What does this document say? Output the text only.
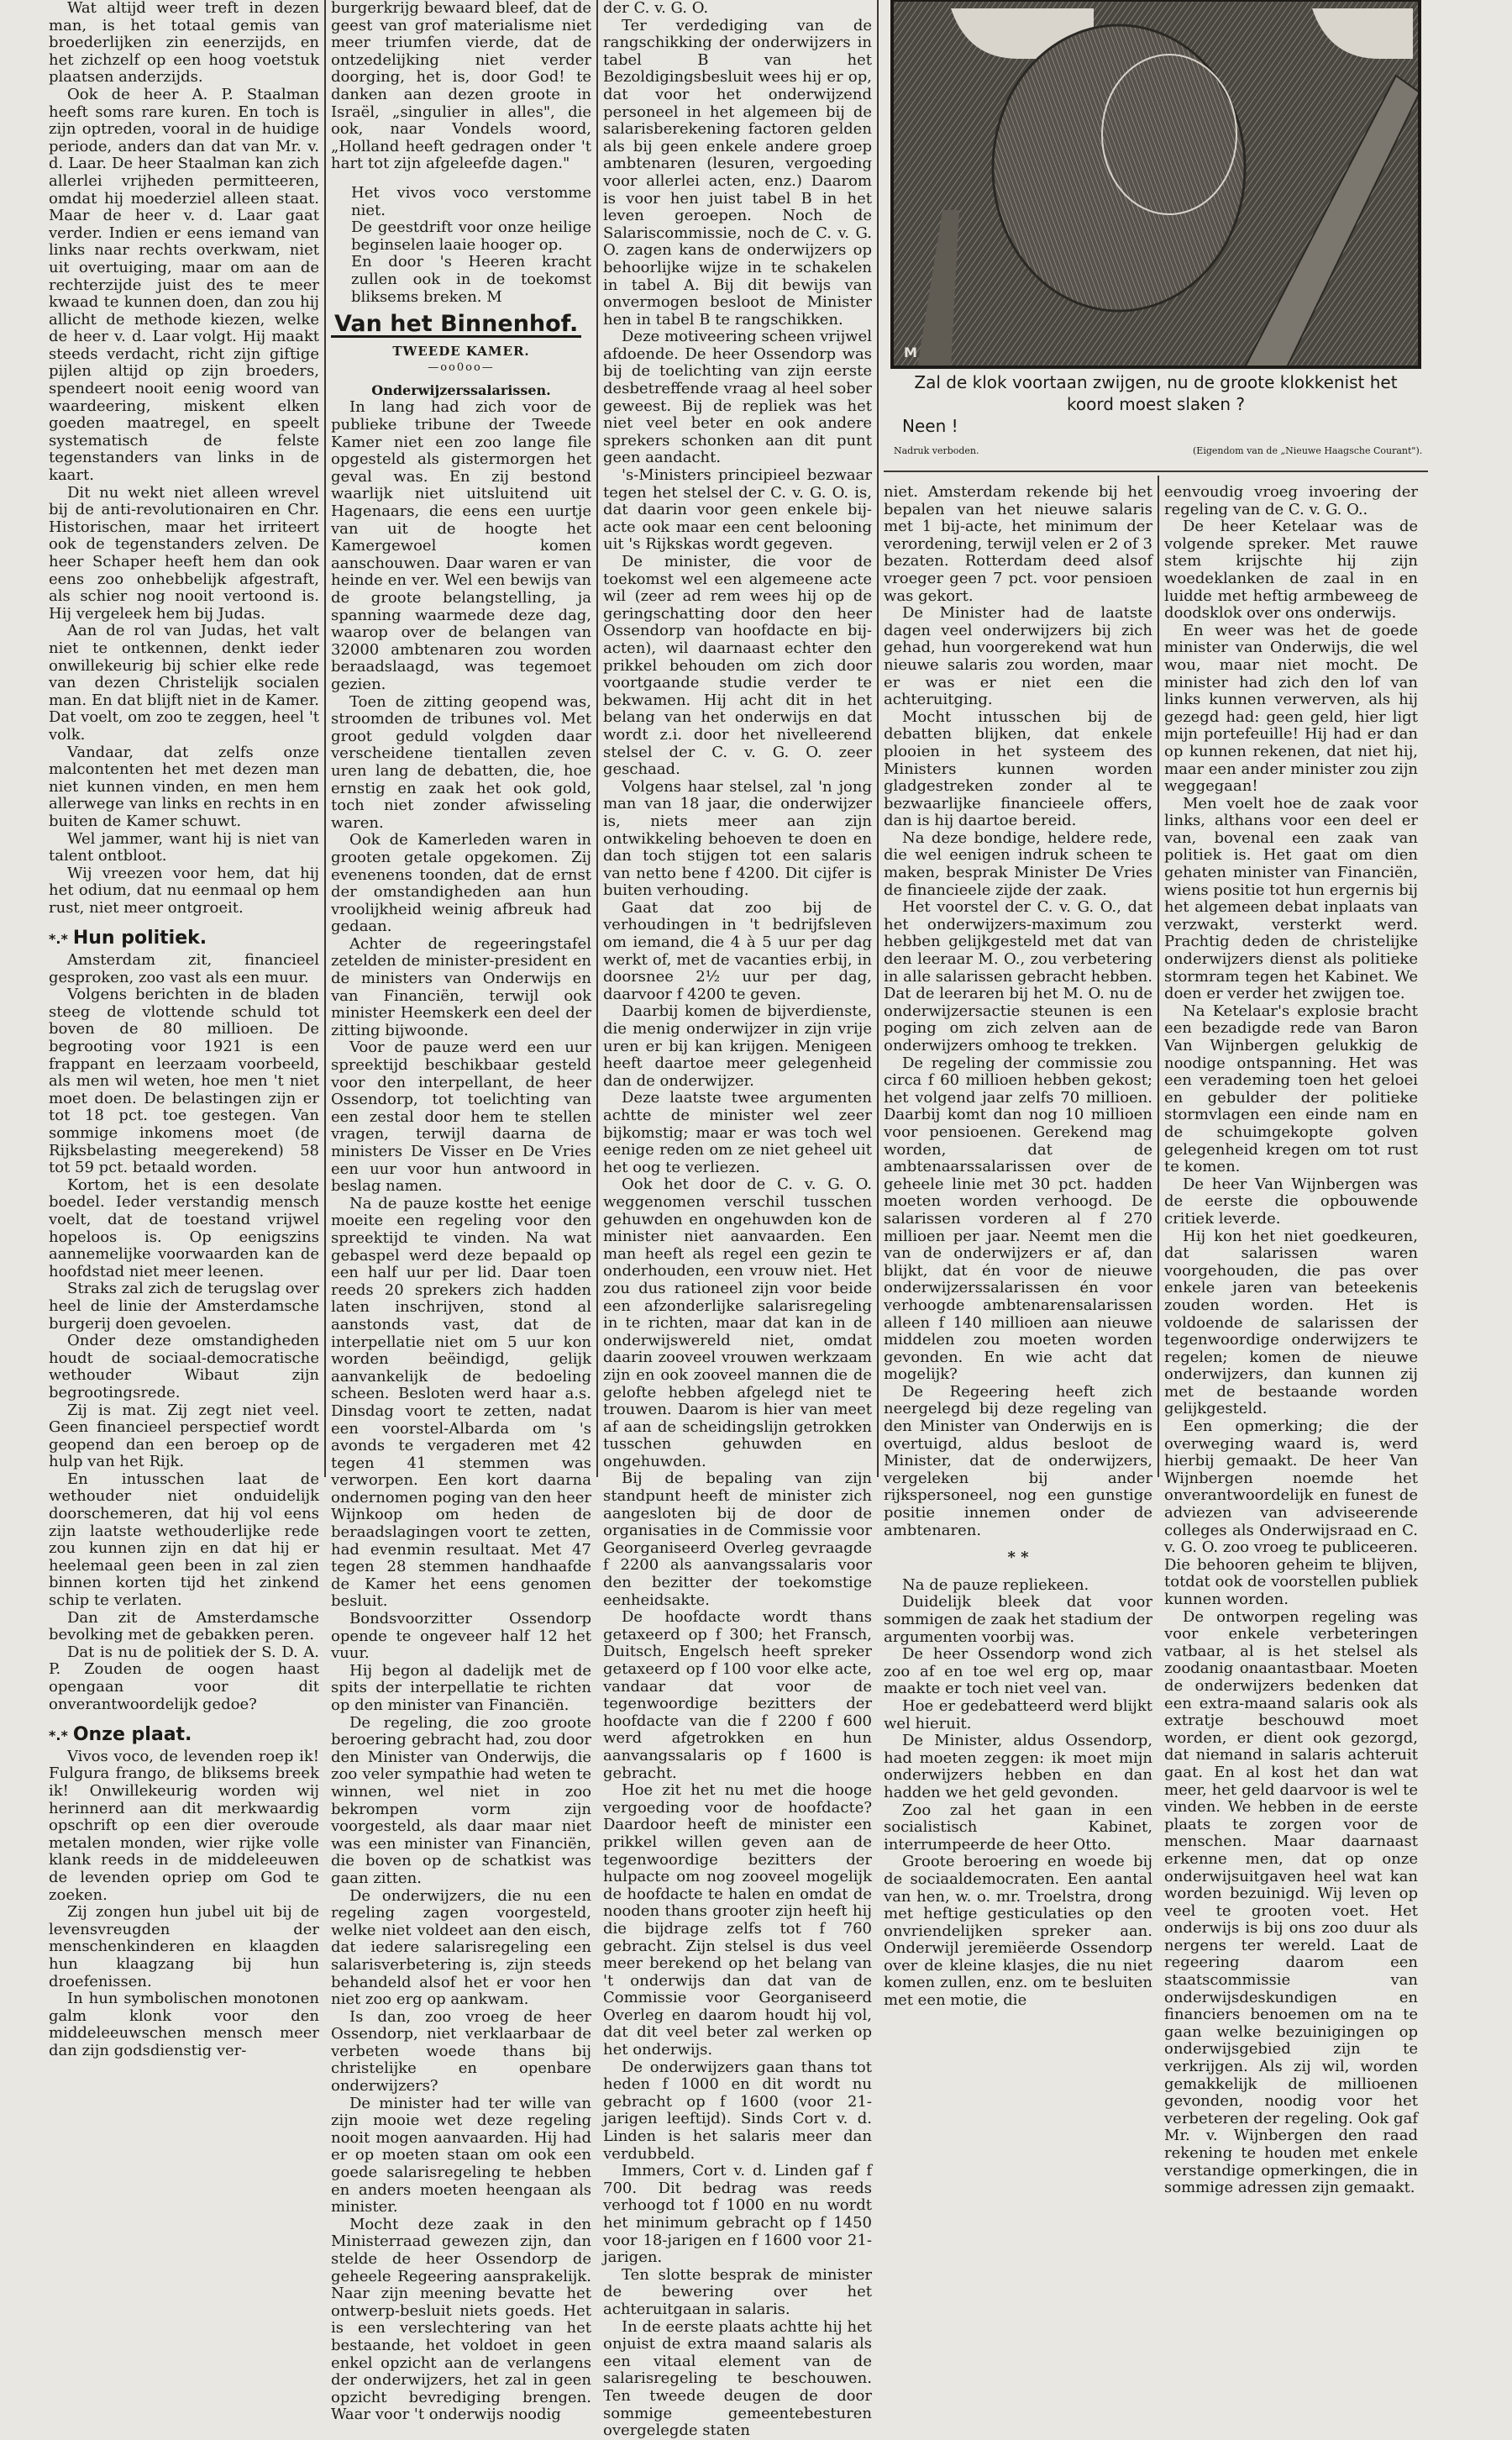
Wat altijd weer treft in dezen man, is het totaal gemis van broederlijken zin eenerzijds, en het zichzelf op een hoog voetstuk plaatsen anderzijds.

Ook de heer A. P. Staalman heeft soms rare kuren. En toch is zijn optreden, vooral in de huidige periode, anders dan dat van Mr. v. d. Laar. De heer Staalman kan zich allerlei vrijheden permitteeren, omdat hij moederziel alleen staat. Maar de heer v. d. Laar gaat verder. Indien er eens iemand van links naar rechts overkwam, niet uit overtuiging, maar om aan de rechterzijde juist des te meer kwaad te kunnen doen, dan zou hij allicht de methode kiezen, welke de heer v. d. Laar volgt. Hij maakt steeds verdacht, richt zijn giftige pijlen altijd op zijn broeders, spendeert nooit eenig woord van waardeering, miskent elken goeden maatregel, en speelt systematisch de felste tegenstanders van links in de kaart.

Dit nu wekt niet alleen wrevel bij de anti-revolutionairen en Chr. Historischen, maar het irriteert ook de tegenstanders zelven. De heer Schaper heeft hem dan ook eens zoo onhebbelijk afgestraft, als schier nog nooit vertoond is. Hij vergeleek hem bij Judas.

Aan de rol van Judas, het valt niet te ontkennen, denkt ieder onwillekeurig bij schier elke rede van dezen Christelijk socialen man. En dat blijft niet in de Kamer. Dat voelt, om zoo te zeggen, heel 't volk.

Vandaar, dat zelfs onze malcontenten het met dezen man niet kunnen vinden, en men hem allerwege van links en rechts in en buiten de Kamer schuwt.

Wel jammer, want hij is niet van talent ontbloot.

Wij vreezen voor hem, dat hij het odium, dat nu eenmaal op hem rust, niet meer ontgroeit.

*.* Hun politiek.

Amsterdam zit, financieel gesproken, zoo vast als een muur.

Volgens berichten in de bladen steeg de vlottende schuld tot boven de 80 millioen. De begrooting voor 1921 is een frappant en leerzaam voorbeeld, als men wil weten, hoe men 't niet moet doen. De belastingen zijn er tot 18 pct. toe gestegen. Van sommige inkomens moet (de Rijksbelasting meegerekend) 58 tot 59 pct. betaald worden.

Kortom, het is een desolate boedel. Ieder verstandig mensch voelt, dat de toestand vrijwel hopeloos is. Op eenigszins aannemelijke voorwaarden kan de hoofdstad niet meer leenen.

Straks zal zich de terugslag over heel de linie der Amsterdamsche burgerij doen gevoelen.

Onder deze omstandigheden houdt de sociaal-democratische wethouder Wibaut zijn begrootingsrede.

Zij is mat. Zij zegt niet veel. Geen financieel perspectief wordt geopend dan een beroep op de hulp van het Rijk.

En intusschen laat de wethouder niet onduidelijk doorschemeren, dat hij vol eens zijn laatste wethouderlijke rede zou kunnen zijn en dat hij er heelemaal geen been in zal zien binnen korten tijd het zinkend schip te verlaten.

Dan zit de Amsterdamsche bevolking met de gebakken peren.

Dat is nu de politiek der S. D. A. P. Zouden de oogen haast opengaan voor dit onverantwoordelijk gedoe?

*.* Onze plaat.

Vivos voco, de levenden roep ik! Fulgura frango, de bliksems breek ik! Onwillekeurig worden wij herinnerd aan dit merkwaardig opschrift op een dier overoude metalen monden, wier rijke volle klank reeds in de middeleeuwen de levenden opriep om God te zoeken.

Zij zongen hun jubel uit bij de levensvreugden der menschenkinderen en klaagden hun klaagzang bij hun droefenissen.

In hun symbolischen monotonen galm klonk voor den middeleeuwschen mensch meer dan zijn godsdienstig ver-

burgerkrijg bewaard bleef, dat de geest van grof materialisme niet meer triumfen vierde, dat de ontzedelijking niet verder doorging, het is, door God! te danken aan dezen groote in Israël, „singulier in alles", die ook, naar Vondels woord, „Holland heeft gedragen onder 't hart tot zijn afgeleefde dagen."

Het vivos voco verstomme niet.
De geestdrift voor onze heilige beginselen laaie hooger op.
En door 's Heeren kracht zullen ook in de toekomst bliksems breken. M
Van het Binnenhof.
TWEEDE KAMER.
—oo0oo—
Onderwijzerssalarissen.

In lang had zich voor de publieke tribune der Tweede Kamer niet een zoo lange file opgesteld als gistermorgen het geval was. En zij bestond waarlijk niet uitsluitend uit Hagenaars, die eens een uurtje van uit de hoogte het Kamergewoel komen aanschouwen. Daar waren er van heinde en ver. Wel een bewijs van de groote belangstelling, ja spanning waarmede deze dag, waarop over de belangen van 32000 ambtenaren zou worden beraadslaagd, was tegemoet gezien.

Toen de zitting geopend was, stroomden de tribunes vol. Met groot geduld volgden daar verscheidene tientallen zeven uren lang de debatten, die, hoe ernstig en zaak het ook gold, toch niet zonder afwisseling waren.

Ook de Kamerleden waren in grooten getale opgekomen. Zij evenenens toonden, dat de ernst der omstandigheden aan hun vroolijkheid weinig afbreuk had gedaan.

Achter de regeeringstafel zetelden de minister-president en de ministers van Onderwijs en van Financiën, terwijl ook minister Heemskerk een deel der zitting bijwoonde.

Voor de pauze werd een uur spreektijd beschikbaar gesteld voor den interpellant, de heer Ossendorp, tot toelichting van een zestal door hem te stellen vragen, terwijl daarna de ministers De Visser en De Vries een uur voor hun antwoord in beslag namen.

Na de pauze kostte het eenige moeite een regeling voor den spreektijd te vinden. Na wat gebaspel werd deze bepaald op een half uur per lid. Daar toen reeds 20 sprekers zich hadden laten inschrijven, stond al aanstonds vast, dat de interpellatie niet om 5 uur kon worden beëindigd, gelijk aanvankelijk de bedoeling scheen. Besloten werd haar a.s. Dinsdag voort te zetten, nadat een voorstel-Albarda om 's avonds te vergaderen met 42 tegen 41 stemmen was verworpen. Een kort daarna ondernomen poging van den heer Wijnkoop om heden de beraadslagingen voort te zetten, had evenmin resultaat. Met 47 tegen 28 stemmen handhaafde de Kamer het eens genomen besluit.

Bondsvoorzitter Ossendorp opende te ongeveer half 12 het vuur.

Hij begon al dadelijk met de spits der interpellatie te richten op den minister van Financiën.

De regeling, die zoo groote beroering gebracht had, zou door den Minister van Onderwijs, die zoo veler sympathie had weten te winnen, wel niet in zoo bekrompen vorm zijn voorgesteld, als daar maar niet was een minister van Financiën, die boven op de schatkist was gaan zitten.

De onderwijzers, die nu een regeling zagen voorgesteld, welke niet voldeet aan den eisch, dat iedere salarisregeling een salarisverbetering is, zijn steeds behandeld alsof het er voor hen niet zoo erg op aankwam.

Is dan, zoo vroeg de heer Ossendorp, niet verklaarbaar de verbeten woede thans bij christelijke en openbare onderwijzers?

De minister had ter wille van zijn mooie wet deze regeling nooit mogen aanvaarden. Hij had er op moeten staan om ook een goede salarisregeling te hebben en anders moeten heengaan als minister.

Mocht deze zaak in den Ministerraad gewezen zijn, dan stelde de heer Ossendorp de geheele Regeering aansprakelijk. Naar zijn meening bevatte het ontwerp-besluit niets goeds. Het is een verslechtering van het bestaande, het voldoet in geen enkel opzicht aan de verlangens der onderwijzers, het zal in geen opzicht bevrediging brengen. Waar voor 't onderwijs noodig

der C. v. G. O.

Ter verdediging van de rangschikking der onderwijzers in tabel B van het Bezoldigingsbesluit wees hij er op, dat voor het onderwijzend personeel in het algemeen bij de salarisberekening factoren gelden als bij geen enkele andere groep ambtenaren (lesuren, vergoeding voor allerlei acten, enz.) Daarom is voor hen juist tabel B in het leven geroepen. Noch de Salariscommissie, noch de C. v. G. O. zagen kans de onderwijzers op behoorlijke wijze in te schakelen in tabel A. Bij dit bewijs van onvermogen besloot de Minister hen in tabel B te rangschikken.

Deze motiveering scheen vrijwel afdoende. De heer Ossendorp was bij de toelichting van zijn eerste desbetreffende vraag al heel sober geweest. Bij de repliek was het niet veel beter en ook andere sprekers schonken aan dit punt geen aandacht.

's-Ministers principieel bezwaar tegen het stelsel der C. v. G. O. is, dat daarin voor geen enkele bij-acte ook maar een cent belooning uit 's Rijkskas wordt gegeven.

De minister, die voor de toekomst wel een algemeene acte wil (zeer ad rem wees hij op de geringschatting door den heer Ossendorp van hoofdacte en bij-acten), wil daarnaast echter den prikkel behouden om zich door voortgaande studie verder te bekwamen. Hij acht dit in het belang van het onderwijs en dat wordt z.i. door het nivelleerend stelsel der C. v. G. O. zeer geschaad.

Volgens haar stelsel, zal 'n jong man van 18 jaar, die onderwijzer is, niets meer aan zijn ontwikkeling behoeven te doen en dan toch stijgen tot een salaris van netto bene f 4200. Dit cijfer is buiten verhouding.

Gaat dat zoo bij de verhoudingen in 't bedrijfsleven om iemand, die 4 à 5 uur per dag werkt of, met de vacanties erbij, in doorsnee 2½ uur per dag, daarvoor f 4200 te geven.

Daarbij komen de bijverdienste, die menig onderwijzer in zijn vrije uren er bij kan krijgen. Menigeen heeft daartoe meer gelegenheid dan de onderwijzer.

Deze laatste twee argumenten achtte de minister wel zeer bijkomstig; maar er was toch wel eenige reden om ze niet geheel uit het oog te verliezen.

Ook het door de C. v. G. O. weggenomen verschil tusschen gehuwden en ongehuwden kon de minister niet aanvaarden. Een man heeft als regel een gezin te onderhouden, een vrouw niet. Het zou dus rationeel zijn voor beide een afzonderlijke salarisregeling in te richten, maar dat kan in de onderwijswereld niet, omdat daarin zooveel vrouwen werkzaam zijn en ook zooveel mannen die de gelofte hebben afgelegd niet te trouwen. Daarom is hier van meet af aan de scheidingslijn getrokken tusschen gehuwden en ongehuwden.

Bij de bepaling van zijn standpunt heeft de minister zich aangesloten bij de door de organisaties in de Commissie voor Georganiseerd Overleg gevraagde f 2200 als aanvangssalaris voor den bezitter der toekomstige eenheidsakte.

De hoofdacte wordt thans getaxeerd op f 300; het Fransch, Duitsch, Engelsch heeft spreker getaxeerd op f 100 voor elke acte, vandaar dat voor de tegenwoordige bezitters der hoofdacte van die f 2200 f 600 werd afgetrokken en hun aanvangssalaris op f 1600 is gebracht.

Hoe zit het nu met die hooge vergoeding voor de hoofdacte? Daardoor heeft de minister een prikkel willen geven aan de tegenwoordige bezitters der hulpacte om nog zooveel mogelijk de hoofdacte te halen en omdat de nooden thans grooter zijn heeft hij die bijdrage zelfs tot f 760 gebracht. Zijn stelsel is dus veel meer berekend op het belang van 't onderwijs dan dat van de Commissie voor Georganiseerd Overleg en daarom houdt hij vol, dat dit veel beter zal werken op het onderwijs.

De onderwijzers gaan thans tot heden f 1000 en dit wordt nu gebracht op f 1600 (voor 21-jarigen leeftijd). Sinds Cort v. d. Linden is het salaris meer dan verdubbeld.

Immers, Cort v. d. Linden gaf f 700. Dit bedrag was reeds verhoogd tot f 1000 en nu wordt het minimum gebracht op f 1450 voor 18-jarigen en f 1600 voor 21-jarigen.

Ten slotte besprak de minister de bewering over het achteruitgaan in salaris.

In de eerste plaats achtte hij het onjuist de extra maand salaris als een vitaal element van de salarisregeling te beschouwen. Ten tweede deugen de door sommige gemeentebesturen overgelegde staten

M
Zal de klok voortaan zwijgen, nu de groote klokkenist het koord moest slaken ?
Neen !
Nadruk verboden.	(Eigendom van de „Nieuwe Haagsche Courant").

niet. Amsterdam rekende bij het bepalen van het nieuwe salaris met 1 bij-acte, het minimum der verordening, terwijl velen er 2 of 3 bezaten. Rotterdam deed alsof vroeger geen 7 pct. voor pensioen was gekort.

De Minister had de laatste dagen veel onderwijzers bij zich gehad, hun voorgerekend wat hun nieuwe salaris zou worden, maar er was er niet een die achteruitging.

Mocht intusschen bij de debatten blijken, dat enkele plooien in het systeem des Ministers kunnen worden gladgestreken zonder al te bezwaarlijke financieele offers, dan is hij daartoe bereid.

Na deze bondige, heldere rede, die wel eenigen indruk scheen te maken, besprak Minister De Vries de financieele zijde der zaak.

Het voorstel der C. v. G. O., dat het onderwijzers-maximum zou hebben gelijkgesteld met dat van den leeraar M. O., zou verbetering in alle salarissen gebracht hebben. Dat de leeraren bij het M. O. nu de onderwijzersactie steunen is een poging om zich zelven aan de onderwijzers omhoog te trekken.

De regeling der commissie zou circa f 60 millioen hebben gekost; het volgend jaar zelfs 70 millioen. Daarbij komt dan nog 10 millioen voor pensioenen. Gerekend mag worden, dat de ambtenaarssalarissen over de geheele linie met 30 pct. hadden moeten worden verhoogd. De salarissen vorderen al f 270 millioen per jaar. Neemt men die van de onderwijzers er af, dan blijkt, dat én voor de nieuwe onderwijzerssalarissen én voor verhoogde ambtenarensalarissen alleen f 140 millioen aan nieuwe middelen zou moeten worden gevonden. En wie acht dat mogelijk?

De Regeering heeft zich neergelegd bij deze regeling van den Minister van Onderwijs en is overtuigd, aldus besloot de Minister, dat de onderwijzers, vergeleken bij ander rijkspersoneel, nog een gunstige positie innemen onder de ambtenaren.

* *

Na de pauze repliekeen.

Duidelijk bleek dat voor sommigen de zaak het stadium der argumenten voorbij was.

De heer Ossendorp wond zich zoo af en toe wel erg op, maar maakte er toch niet veel van.

Hoe er gedebatteerd werd blijkt wel hieruit.

De Minister, aldus Ossendorp, had moeten zeggen: ik moet mijn onderwijzers hebben en dan hadden we het geld gevonden.

Zoo zal het gaan in een socialistisch Kabinet, interrumpeerde de heer Otto.

Groote beroering en woede bij de sociaaldemocraten. Een aantal van hen, w. o. mr. Troelstra, drong met heftige gesticulaties op den onvriendelijken spreker aan. Onderwijl jeremiëerde Ossendorp over de kleine klasjes, die nu niet komen zullen, enz. om te besluiten met een motie, die

eenvoudig vroeg invoering der regeling van de C. v. G. O..

De heer Ketelaar was de volgende spreker. Met rauwe stem krijschte hij zijn woedeklanken de zaal in en luidde met heftig armbeweeg de doodsklok over ons onderwijs.

En weer was het de goede minister van Onderwijs, die wel wou, maar niet mocht. De minister had zich den lof van links kunnen verwerven, als hij gezegd had: geen geld, hier ligt mijn portefeuille! Hij had er dan op kunnen rekenen, dat niet hij, maar een ander minister zou zijn weggegaan!

Men voelt hoe de zaak voor links, althans voor een deel er van, bovenal een zaak van politiek is. Het gaat om dien gehaten minister van Financiën, wiens positie tot hun ergernis bij het algemeen debat inplaats van verzwakt, versterkt werd. Prachtig deden de christelijke onderwijzers dienst als politieke stormram tegen het Kabinet. We doen er verder het zwijgen toe.

Na Ketelaar's explosie bracht een bezadigde rede van Baron Van Wijnbergen gelukkig de noodige ontspanning. Het was een verademing toen het geloei en gebulder der politieke stormvlagen een einde nam en de schuimgekopte golven gelegenheid kregen om tot rust te komen.

De heer Van Wijnbergen was de eerste die opbouwende critiek leverde.

Hij kon het niet goedkeuren, dat salarissen waren voorgehouden, die pas over enkele jaren van beteekenis zouden worden. Het is voldoende de salarissen der tegenwoordige onderwijzers te regelen; komen de nieuwe onderwijzers, dan kunnen zij met de bestaande worden gelijkgesteld.

Een opmerking; die der overweging waard is, werd hierbij gemaakt. De heer Van Wijnbergen noemde het onverantwoordelijk en funest de adviezen van adviseerende colleges als Onderwijsraad en C. v. G. O. zoo vroeg te publiceeren. Die behooren geheim te blijven, totdat ook de voorstellen publiek kunnen worden.

De ontworpen regeling was voor enkele verbeteringen vatbaar, al is het stelsel als zoodanig onaantastbaar. Moeten de onderwijzers bedenken dat een extra-maand salaris ook als extratje beschouwd moet worden, er dient ook gezorgd, dat niemand in salaris achteruit gaat. En al kost het dan wat meer, het geld daarvoor is wel te vinden. We hebben in de eerste plaats te zorgen voor de menschen. Maar daarnaast erkenne men, dat op onze onderwijsuitgaven heel wat kan worden bezuinigd. Wij leven op veel te grooten voet. Het onderwijs is bij ons zoo duur als nergens ter wereld. Laat de regeering daarom een staatscommissie van onderwijsdeskundigen en financiers benoemen om na te gaan welke bezuinigingen op onderwijsgebied zijn te verkrijgen. Als zij wil, worden gemakkelijk de millioenen gevonden, noodig voor het verbeteren der regeling. Ook gaf Mr. v. Wijnbergen den raad rekening te houden met enkele verstandige opmerkingen, die in sommige adressen zijn gemaakt.
